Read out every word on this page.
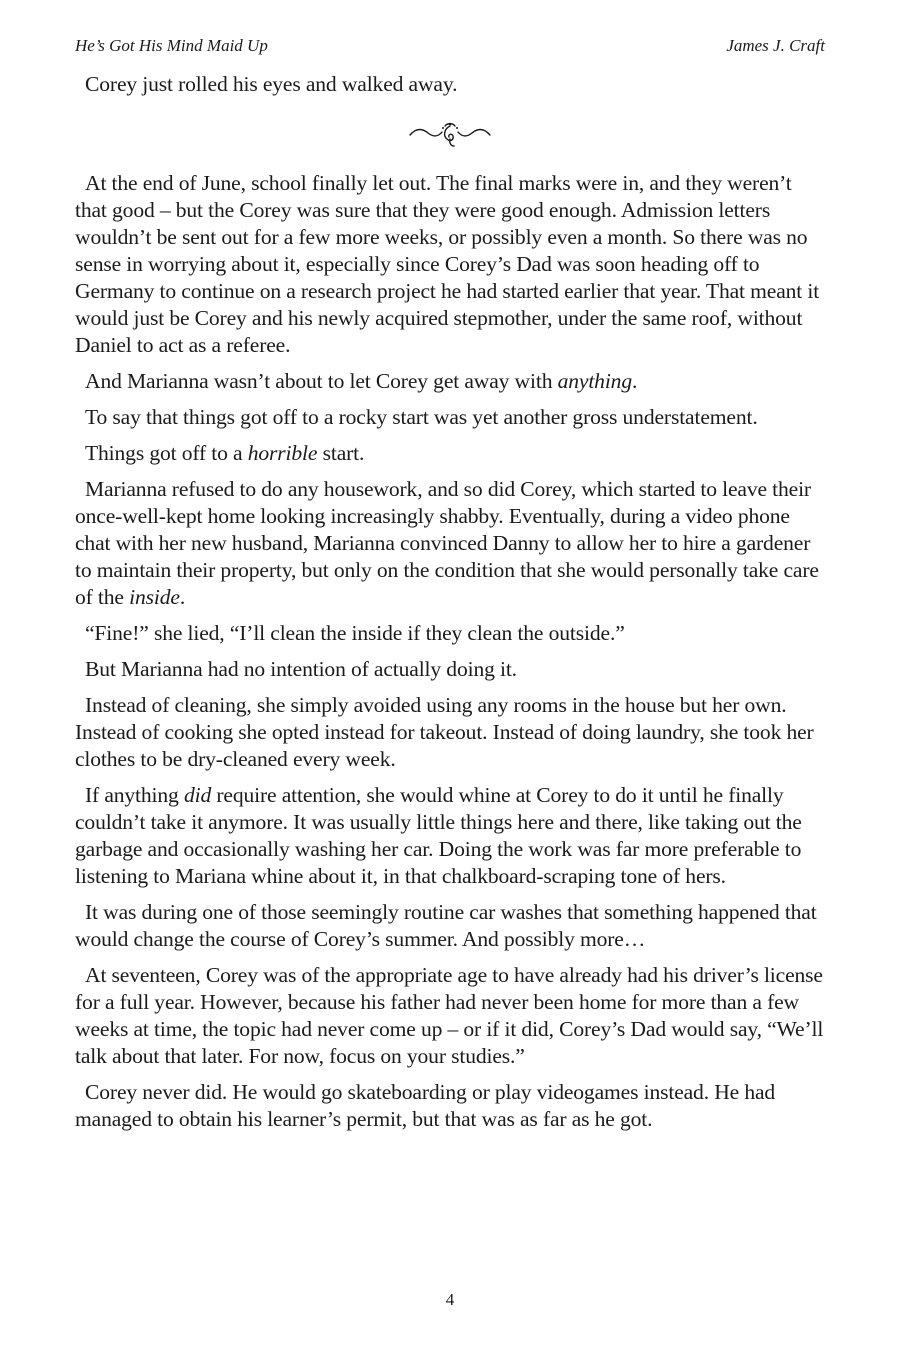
He’s Got His Mind Maid Up	James J. Craft

Corey just rolled his eyes and walked away.

At the end of June, school finally let out. The final marks were in, and they weren’t that good – but the Corey was sure that they were good enough. Admission letters wouldn’t be sent out for a few more weeks, or possibly even a month. So there was no sense in worrying about it, especially since Corey’s Dad was soon heading off to Germany to continue on a research project he had started earlier that year. That meant it would just be Corey and his newly acquired stepmother, under the same roof, without Daniel to act as a referee.

And Marianna wasn’t about to let Corey get away with anything.

To say that things got off to a rocky start was yet another gross understatement.

Things got off to a horrible start.

Marianna refused to do any housework, and so did Corey, which started to leave their once-well-kept home looking increasingly shabby. Eventually, during a video phone chat with her new husband, Marianna convinced Danny to allow her to hire a gardener to maintain their property, but only on the condition that she would personally take care of the inside.

“Fine!” she lied, “I’ll clean the inside if they clean the outside.”

But Marianna had no intention of actually doing it.

Instead of cleaning, she simply avoided using any rooms in the house but her own. Instead of cooking she opted instead for takeout. Instead of doing laundry, she took her clothes to be dry-cleaned every week.

If anything did require attention, she would whine at Corey to do it until he finally couldn’t take it anymore. It was usually little things here and there, like taking out the garbage and occasionally washing her car. Doing the work was far more preferable to listening to Mariana whine about it, in that chalkboard-scraping tone of hers.

It was during one of those seemingly routine car washes that something happened that would change the course of Corey’s summer. And possibly more…

At seventeen, Corey was of the appropriate age to have already had his driver’s license for a full year. However, because his father had never been home for more than a few weeks at time, the topic had never come up – or if it did, Corey’s Dad would say, “We’ll talk about that later. For now, focus on your studies.”

Corey never did. He would go skateboarding or play videogames instead. He had managed to obtain his learner’s permit, but that was as far as he got.

4
